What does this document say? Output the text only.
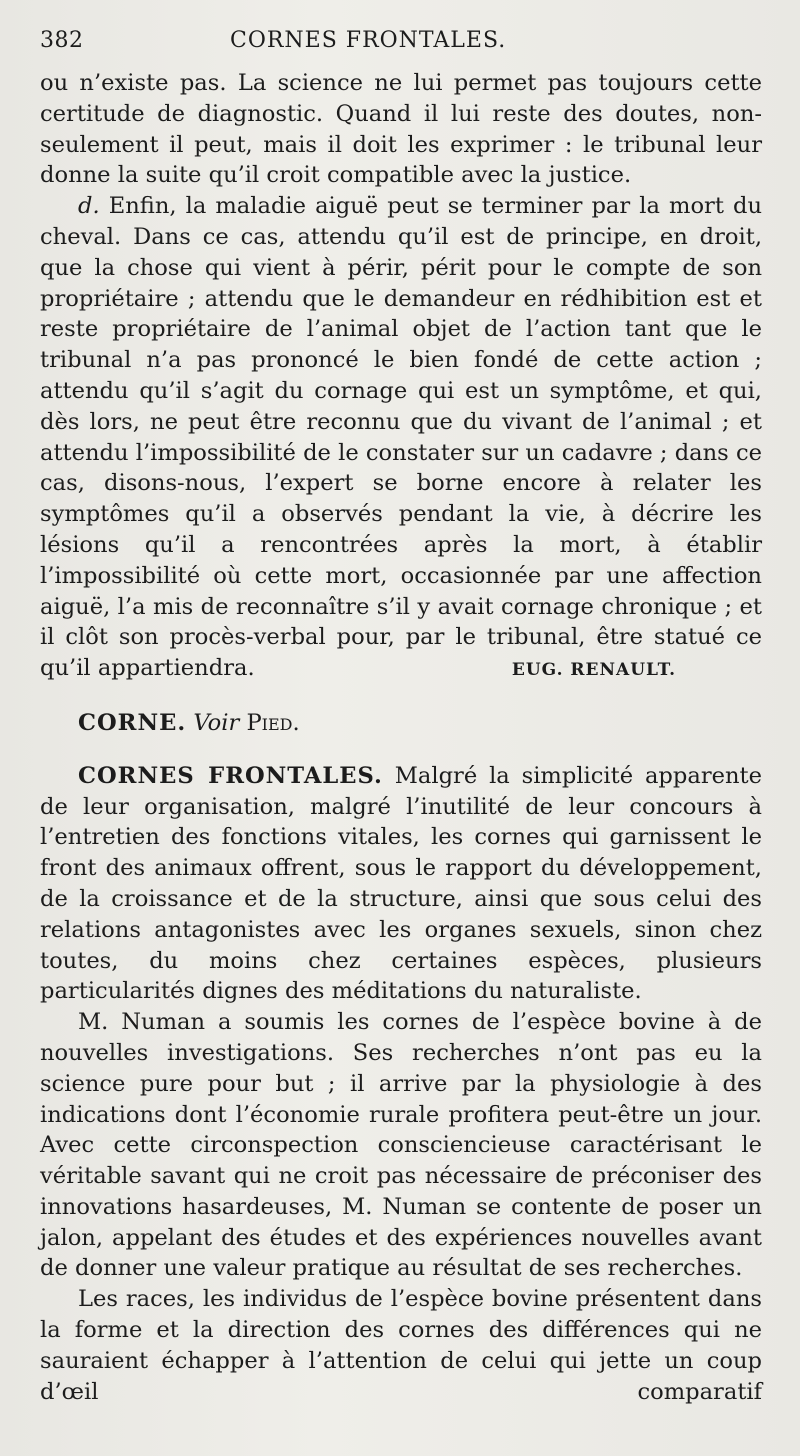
382	CORNES FRONTALES.

ou n’existe pas. La science ne lui permet pas toujours cette certitude de diagnostic. Quand il lui reste des doutes, non-seulement il peut, mais il doit les exprimer : le tribunal leur donne la suite qu’il croit compatible avec la justice.

d. Enfin, la maladie aiguë peut se terminer par la mort du cheval. Dans ce cas, attendu qu’il est de principe, en droit, que la chose qui vient à périr, périt pour le compte de son propriétaire ; attendu que le demandeur en rédhibition est et reste propriétaire de l’animal objet de l’action tant que le tribunal n’a pas prononcé le bien fondé de cette action ; attendu qu’il s’agit du cornage qui est un symptôme, et qui, dès lors, ne peut être reconnu que du vivant de l’animal ; et attendu l’impossibilité de le constater sur un cadavre ; dans ce cas, disons-nous, l’expert se borne encore à relater les symptômes qu’il a observés pendant la vie, à décrire les lésions qu’il a rencontrées après la mort, à établir l’impossibilité où cette mort, occasionnée par une affection aiguë, l’a mis de reconnaître s’il y avait cornage chronique ; et il clôt son procès-verbal pour, par le tribunal, être statué ce qu’il appartiendra.	EUG. RENAULT.

CORNE. Voir Pied.

CORNES FRONTALES. Malgré la simplicité apparente de leur organisation, malgré l’inutilité de leur concours à l’entretien des fonctions vitales, les cornes qui garnissent le front des animaux offrent, sous le rapport du développement, de la croissance et de la structure, ainsi que sous celui des relations antagonistes avec les organes sexuels, sinon chez toutes, du moins chez certaines espèces, plusieurs particularités dignes des méditations du naturaliste.

M. Numan a soumis les cornes de l’espèce bovine à de nouvelles investigations. Ses recherches n’ont pas eu la science pure pour but ; il arrive par la physiologie à des indications dont l’économie rurale profitera peut-être un jour. Avec cette circonspection consciencieuse caractérisant le véritable savant qui ne croit pas nécessaire de préconiser des innovations hasardeuses, M. Numan se contente de poser un jalon, appelant des études et des expériences nouvelles avant de donner une valeur pratique au résultat de ses recherches.

Les races, les individus de l’espèce bovine présentent dans la forme et la direction des cornes des différences qui ne sauraient échapper à l’attention de celui qui jette un coup d’œil comparatif
